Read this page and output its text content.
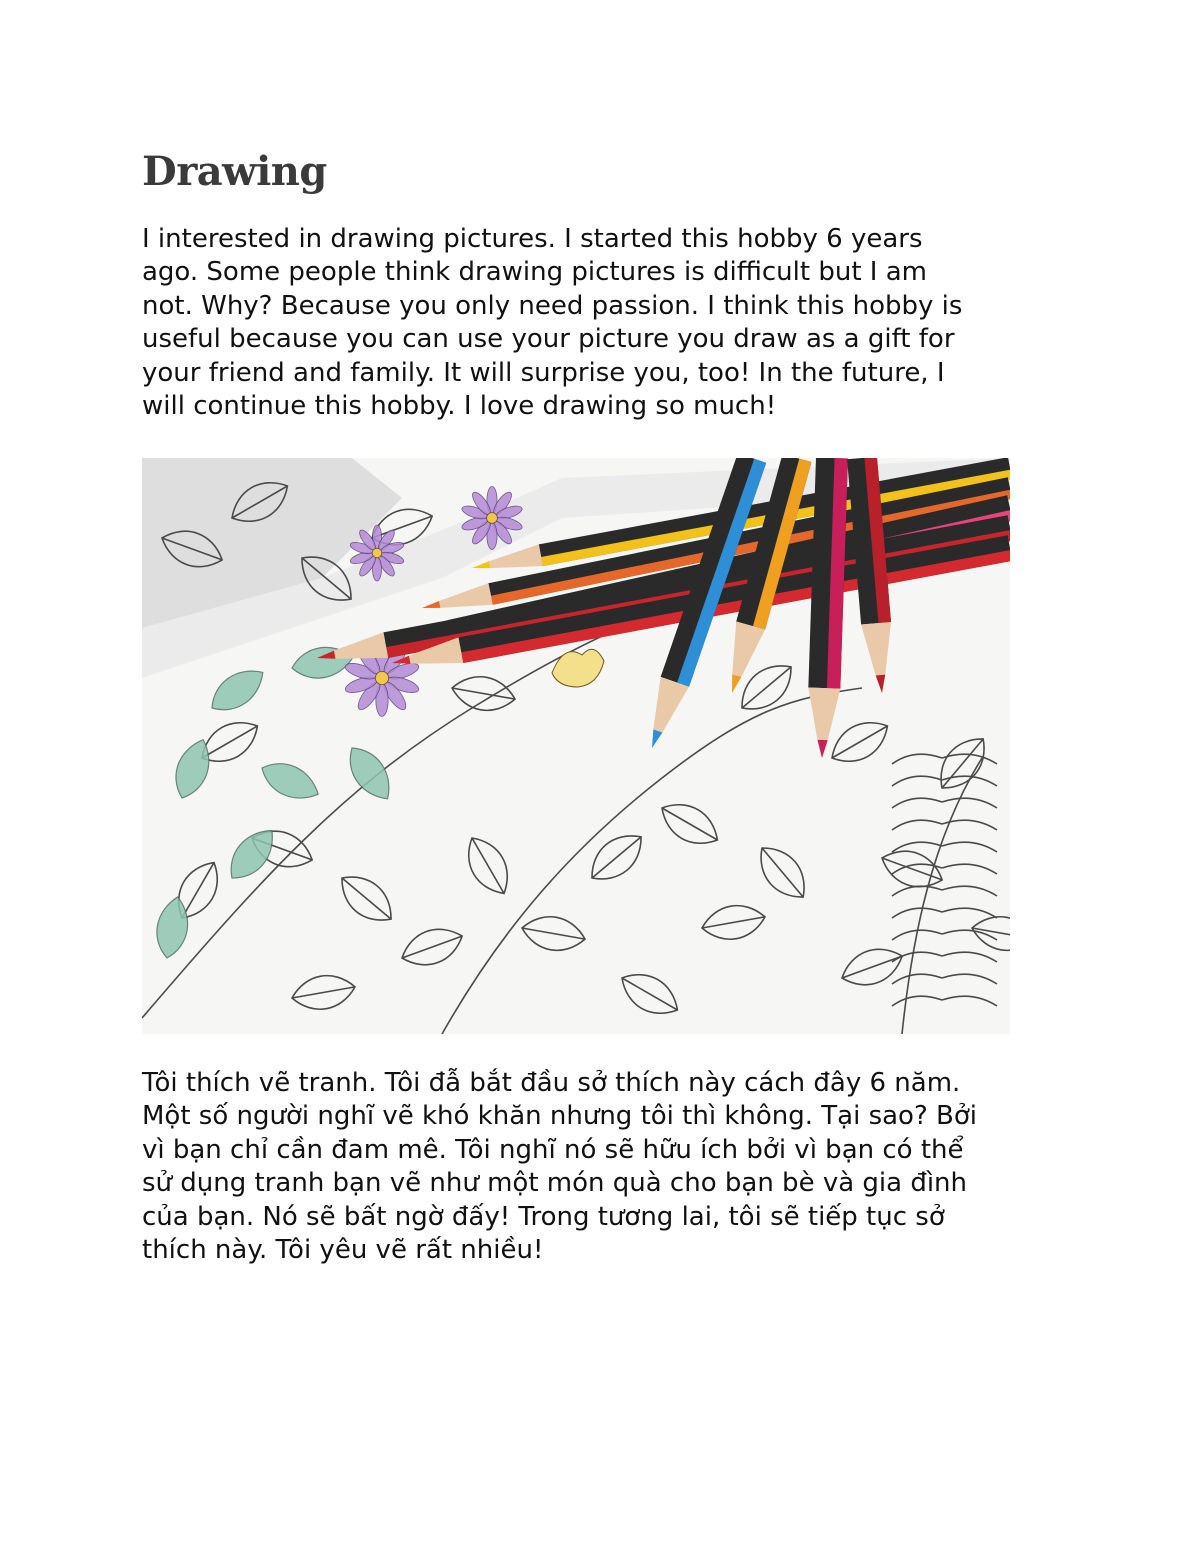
Drawing

I interested in drawing pictures. I started this hobby 6 years
ago. Some people think drawing pictures is difficult but I am
not. Why? Because you only need passion. I think this hobby is
useful because you can use your picture you draw as a gift for
your friend and family. It will surprise you, too! In the future, I
will continue this hobby. I love drawing so much!

Tôi thích vẽ tranh. Tôi đẫ bắt đầu sở thích này cách đây 6 năm.
Một số người nghĩ vẽ khó khăn nhưng tôi thì không. Tại sao? Bởi
vì bạn chỉ cần đam mê. Tôi nghĩ nó sẽ hữu ích bởi vì bạn có thể
sử dụng tranh bạn vẽ như một món quà cho bạn bè và gia đình
của bạn. Nó sẽ bất ngờ đấy! Trong tương lai, tôi sẽ tiếp tục sở
thích này. Tôi yêu vẽ rất nhiều!
